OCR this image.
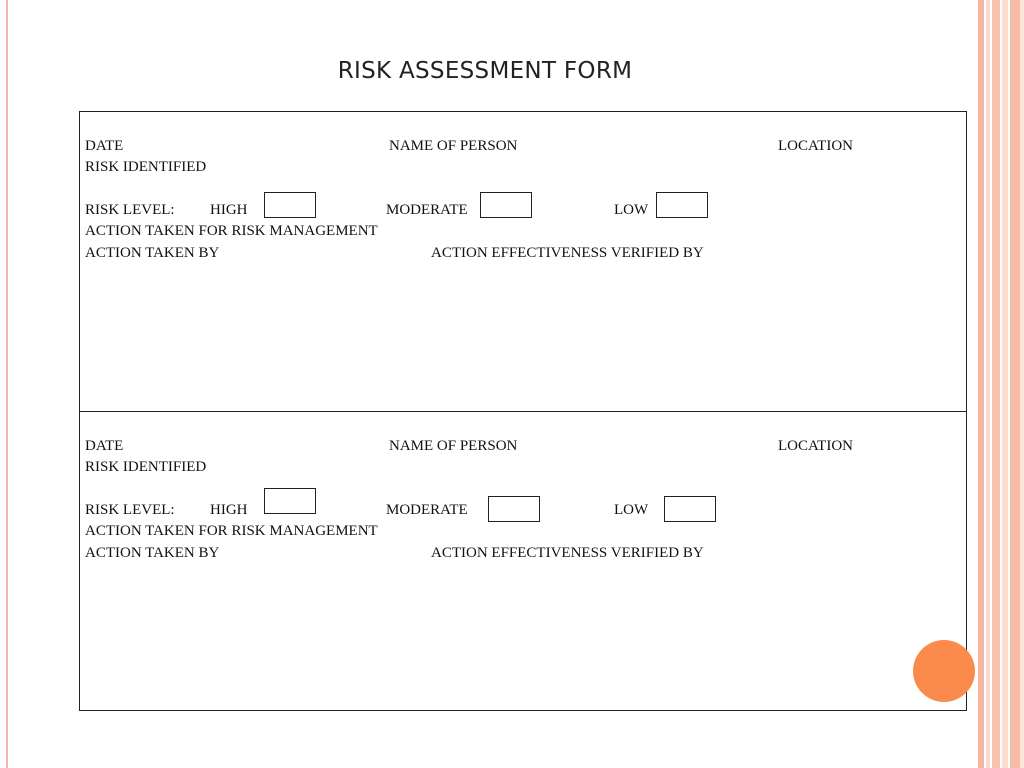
RISK ASSESSMENT FORM
DATE	NAME OF PERSON	LOCATION
RISK IDENTIFIED
RISK LEVEL: HIGH	MODERATE	LOW
ACTION TAKEN FOR RISK MANAGEMENT
ACTION TAKEN BY	ACTION EFFECTIVENESS VERIFIED BY
DATE	NAME OF PERSON	LOCATION
RISK IDENTIFIED
RISK LEVEL: HIGH	MODERATE	LOW
ACTION TAKEN FOR RISK MANAGEMENT
ACTION TAKEN BY	ACTION EFFECTIVENESS VERIFIED BY
